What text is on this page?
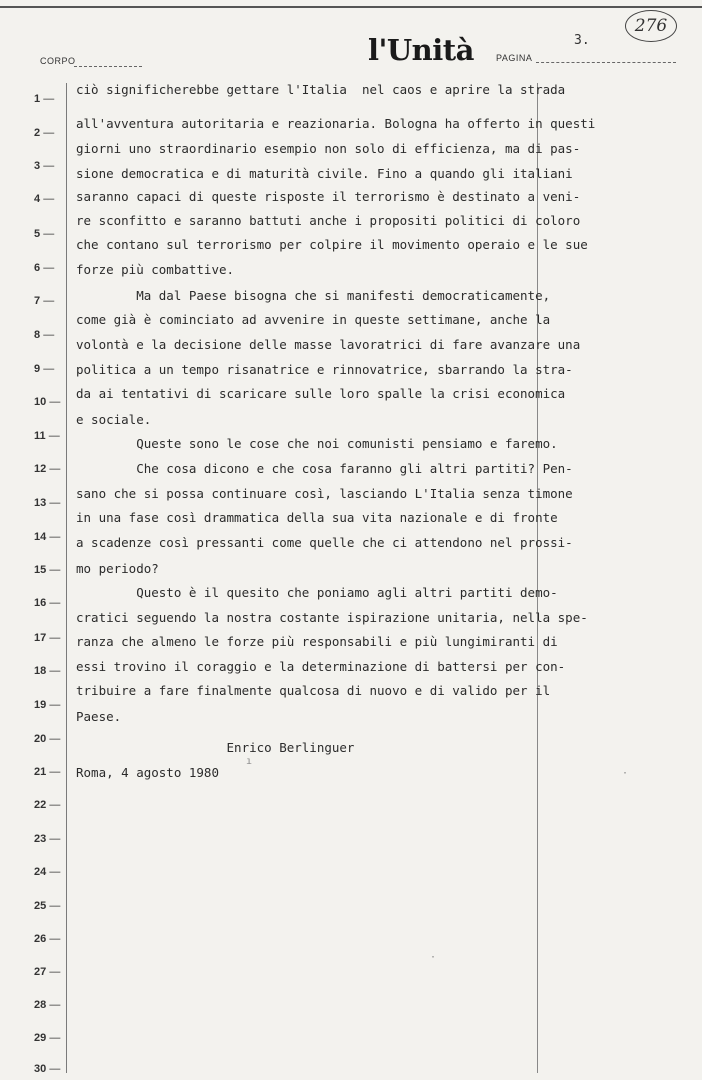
CORPO	l'Unità PAGINA
3.
276
1 —
2 —
3 —
4 —
5 —
6 —
7 —
8 —
9 —
10 —
11 —
12 —
13 —
14 —
15 —
16 —
17 —
18 —
19 —
20 —
21 —
22 —
23 —
24 —
25 —
26 —
27 —
28 —
29 —
30 —
ciò significherebbe gettare l'Italia  nel caos e aprire la strada
all'avventura autoritaria e reazionaria. Bologna ha offerto in questi
giorni uno straordinario esempio non solo di efficienza, ma di pas-
sione democratica e di maturità civile. Fino a quando gli italiani
saranno capaci di queste risposte il terrorismo è destinato a veni-
re sconfitto e saranno battuti anche i propositi politici di coloro
che contano sul terrorismo per colpire il movimento operaio e le sue
forze più combattive.
Ma dal Paese bisogna che si manifesti democraticamente,
come già è cominciato ad avvenire in queste settimane, anche la
volontà e la decisione delle masse lavoratrici di fare avanzare una
politica a un tempo risanatrice e rinnovatrice, sbarrando la stra-
da ai tentativi di scaricare sulle loro spalle la crisi economica
e sociale.
Queste sono le cose che noi comunisti pensiamo e faremo.
Che cosa dicono e che cosa faranno gli altri partiti? Pen-
sano che si possa continuare così, lasciando L'Italia senza timone
in una fase così drammatica della sua vita nazionale e di fronte
a scadenze così pressanti come quelle che ci attendono nel prossi-
mo periodo?
Questo è il quesito che poniamo agli altri partiti demo-
cratici seguendo la nostra costante ispirazione unitaria, nella spe-
ranza che almeno le forze più responsabili e più lungimiranti di
essi trovino il coraggio e la determinazione di battersi per con-
tribuire a fare finalmente qualcosa di nuovo e di valido per il
Paese.
Enrico Berlinguer
Roma, 4 agosto 1980	·
·
ı
